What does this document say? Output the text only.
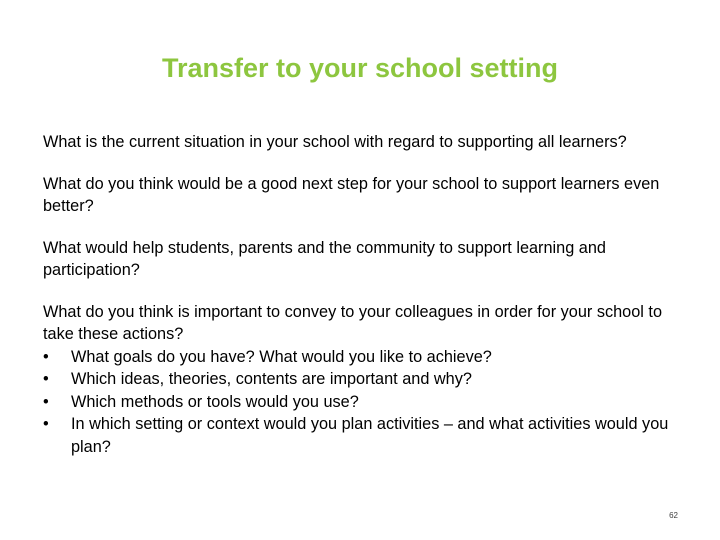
Transfer to your school setting

What is the current situation in your school with regard to supporting all learners?

What do you think would be a good next step for your school to support learners even better?

What would help students, parents and the community to support learning and participation?

What do you think is important to convey to your colleagues in order for your school to take these actions?

• What goals do you have? What would you like to achieve?
• Which ideas, theories, contents are important and why?
• Which methods or tools would you use?
• In which setting or context would you plan activities – and what activities would you plan?
62
